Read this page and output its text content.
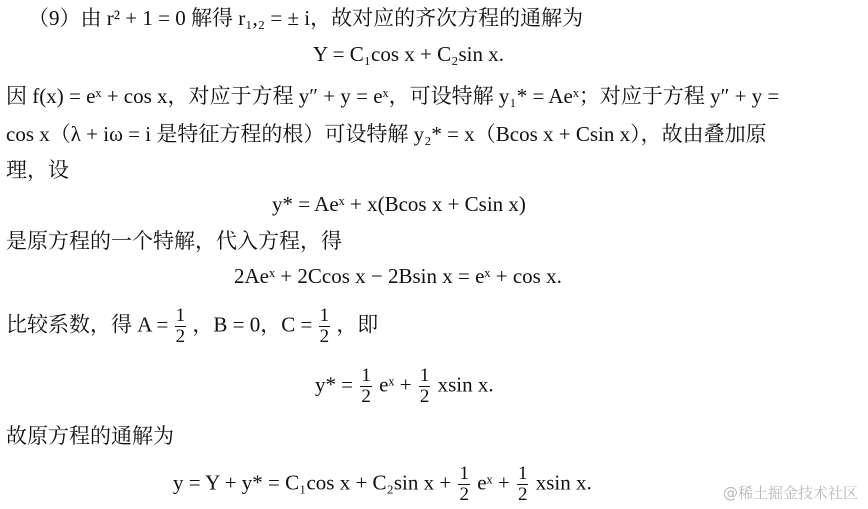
（9）由 r² + 1 = 0 解得 r₁,₂ = ± i，故对应的齐次方程的通解为
Y = C₁cos x + C₂sin x.
因 f(x) = eˣ + cos x，对应于方程 y″ + y = eˣ，可设特解 y₁* = Aeˣ；对应于方程 y″ + y =
cos x（λ + iω = i 是特征方程的根）可设特解 y₂* = x（Bcos x + Csin x），故由叠加原
理，设
y* = Aeˣ + x(Bcos x + Csin x)
是原方程的一个特解，代入方程，得
2Aeˣ + 2Ccos x − 2Bsin x = eˣ + cos x.
比较系数，得 $A = \frac{1}{2}$ ，B = 0，$C = \frac{1}{2}$ ，即
$y* = \frac{1}{2}$ eˣ + $\frac{1}{2}$ xsin x.
故原方程的通解为
y = Y + y* = C₁cos x + C₂sin $x + \frac{1}{2}$ eˣ + $\frac{1}{2}$ xsin x.	@稀土掘金技术社区
